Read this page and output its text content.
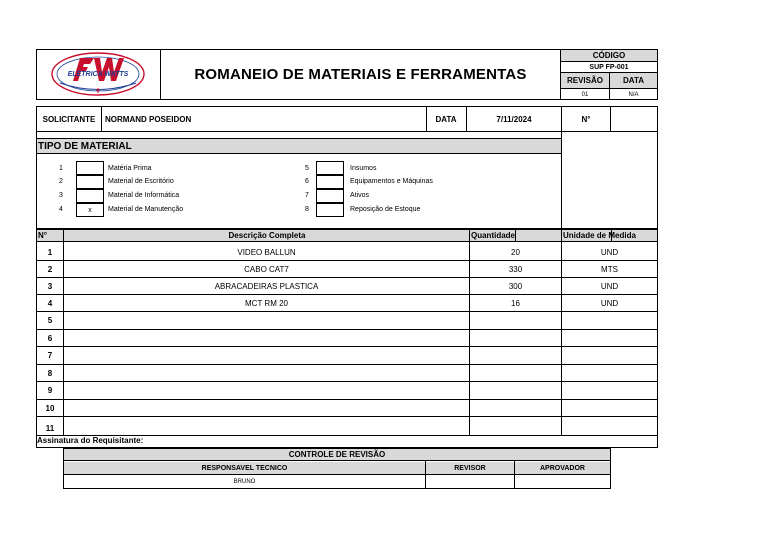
ELÉTRICA WATTS	ROMANEIO DE MATERIAIS E FERRAMENTAS
CÓDIGO
SUP FP-001
REVISÃO	DATA
01	N/A
SOLICITANTE	NORMAND POSEIDON	DATA	7/11/2024	N°
TIPO DE MATERIAL
1	Matéria Prima
2	Material de Escritório
3	Material de Informática
4	x	Material de Manutenção
5	Insumos
6	Equipamentos e Máquinas
7	Ativos
8	Reposição de Estoque
N°	Descrição Completa	Quantidade	Unidade de Medida
1	VIDEO BALLUN	20	UND
2	CABO CAT7	330	MTS
3	ABRACADEIRAS PLASTICA	300	UND
4	MCT RM 20	16	UND
5
6
7
8
9
10
11
Assinatura do Requisitante:
CONTROLE DE REVISÃO
RESPONSAVEL TECNICO	REVISOR	APROVADOR
BRUNO
